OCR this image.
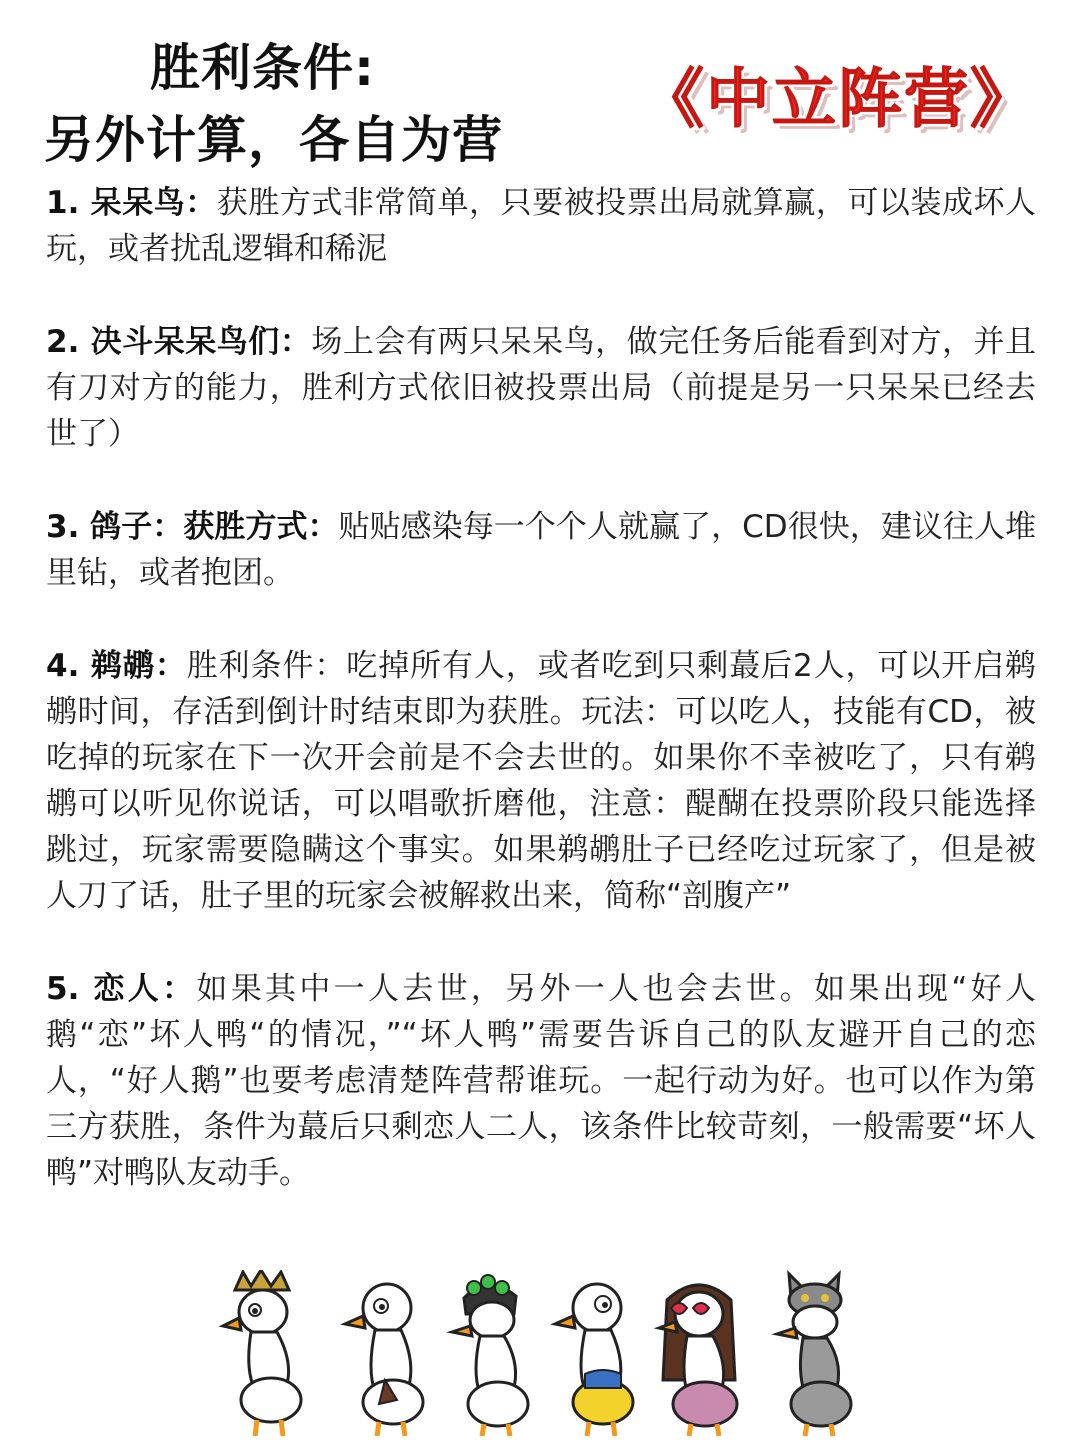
胜利条件:
另外计算，各自为营
《中立阵营》

1. 呆呆鸟：获胜方式非常简单，只要被投票出局就算赢，可以装成坏人玩，或者扰乱逻辑和稀泥

2. 决斗呆呆鸟们：场上会有两只呆呆鸟，做完任务后能看到对方，并且有刀对方的能力，胜利方式依旧被投票出局（前提是另一只呆呆已经去世了）

3. 鸽子：获胜方式：贴贴感染每一个个人就赢了，CD很快，建议往人堆里钻，或者抱团。

4. 鹈鹕：胜利条件：吃掉所有人，或者吃到只剩蕞后2人，可以开启鹈鹕时间，存活到倒计时结束即为获胜。玩法：可以吃人，技能有CD，被吃掉的玩家在下一次开会前是不会去世的。如果你不幸被吃了，只有鹈鹕可以听见你说话，可以唱歌折磨他，注意：醍醐在投票阶段只能选择跳过，玩家需要隐瞒这个事实。如果鹈鹕肚子已经吃过玩家了，但是被人刀了话，肚子里的玩家会被解救出来，简称“剖腹产”

5. 恋人：如果其中一人去世，另外一人也会去世。如果出现“好人鹅“恋”坏人鸭“的情况，”“坏人鸭”需要告诉自己的队友避开自己的恋人，“好人鹅”也要考虑清楚阵营帮谁玩。一起行动为好。也可以作为第三方获胜，条件为蕞后只剩恋人二人，该条件比较苛刻，一般需要“坏人鸭”对鸭队友动手。
